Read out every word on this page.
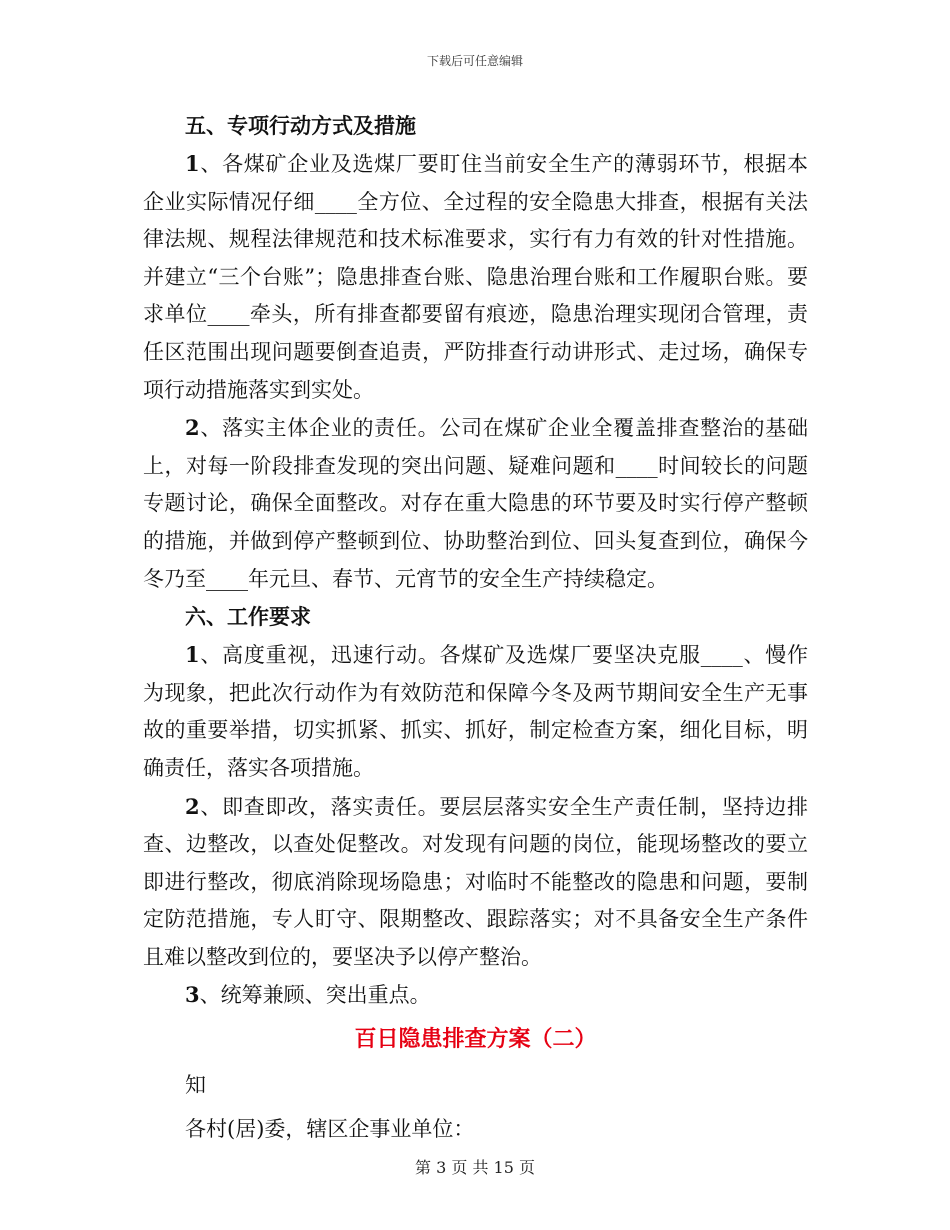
下载后可任意编辑
五、专项行动方式及措施

1、各煤矿企业及选煤厂要盯住当前安全生产的薄弱环节，根据本企业实际情况仔细____全方位、全过程的安全隐患大排查，根据有关法律法规、规程法律规范和技术标准要求，实行有力有效的针对性措施。并建立“三个台账”；隐患排查台账、隐患治理台账和工作履职台账。要求单位____牵头，所有排查都要留有痕迹，隐患治理实现闭合管理，责任区范围出现问题要倒查追责，严防排查行动讲形式、走过场，确保专项行动措施落实到实处。

2、落实主体企业的责任。公司在煤矿企业全覆盖排查整治的基础上，对每一阶段排查发现的突出问题、疑难问题和____时间较长的问题专题讨论，确保全面整改。对存在重大隐患的环节要及时实行停产整顿的措施，并做到停产整顿到位、协助整治到位、回头复查到位，确保今冬乃至____年元旦、春节、元宵节的安全生产持续稳定。

六、工作要求

1、高度重视，迅速行动。各煤矿及选煤厂要坚决克服____、慢作为现象，把此次行动作为有效防范和保障今冬及两节期间安全生产无事故的重要举措，切实抓紧、抓实、抓好，制定检查方案，细化目标，明确责任，落实各项措施。

2、即查即改，落实责任。要层层落实安全生产责任制，坚持边排查、边整改，以查处促整改。对发现有问题的岗位，能现场整改的要立即进行整改，彻底消除现场隐患；对临时不能整改的隐患和问题，要制定防范措施，专人盯守、限期整改、跟踪落实；对不具备安全生产条件且难以整改到位的，要坚决予以停产整治。

3、统筹兼顾、突出重点。

百日隐患排查方案（二）
知
各村(居)委，辖区企事业单位：
第 3 页 共 15 页
